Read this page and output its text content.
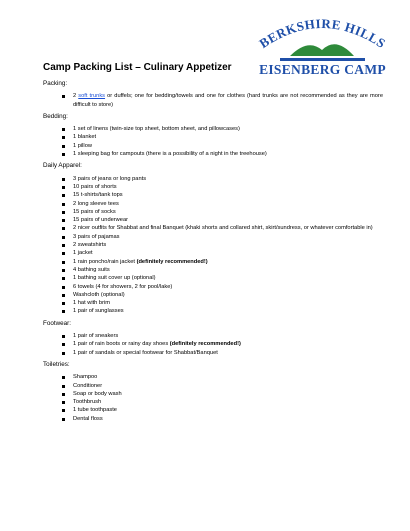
BERKSHIRE HILLS
EISENBERG CAMP
Camp Packing List – Culinary Appetizer
Packing:
2 soft trunks or duffels; one for bedding/towels and one for clothes (hard trunks are not recommended as they are more difficult to store)
Bedding:
1 set of linens (twin-size top sheet, bottom sheet, and pillowcases)
1 blanket
1 pillow
1 sleeping bag for campouts (there is a possibility of a night in the treehouse)
Daily Apparel:
3 pairs of jeans or long pants
10 pairs of shorts
15 t-shirts/tank tops
2 long sleeve tees
15 pairs of socks
15 pairs of underwear
2 nicer outfits for Shabbat and final Banquet (khaki shorts and collared shirt, skirt/sundress, or whatever comfortable in)
3 pairs of pajamas
2 sweatshirts
1 jacket
1 rain poncho/rain jacket (definitely recommended!)
4 bathing suits
1 bathing suit cover up (optional)
6 towels (4 for showers, 2 for pool/lake)
Washcloth (optional)
1 hat with brim
1 pair of sunglasses
Footwear:
1 pair of sneakers
1 pair of rain boots or rainy day shoes (definitely recommended!)
1 pair of sandals or special footwear for Shabbat/Banquet
Toiletries:
Shampoo
Conditioner
Soap or body wash
Toothbrush
1 tube toothpaste
Dental floss
